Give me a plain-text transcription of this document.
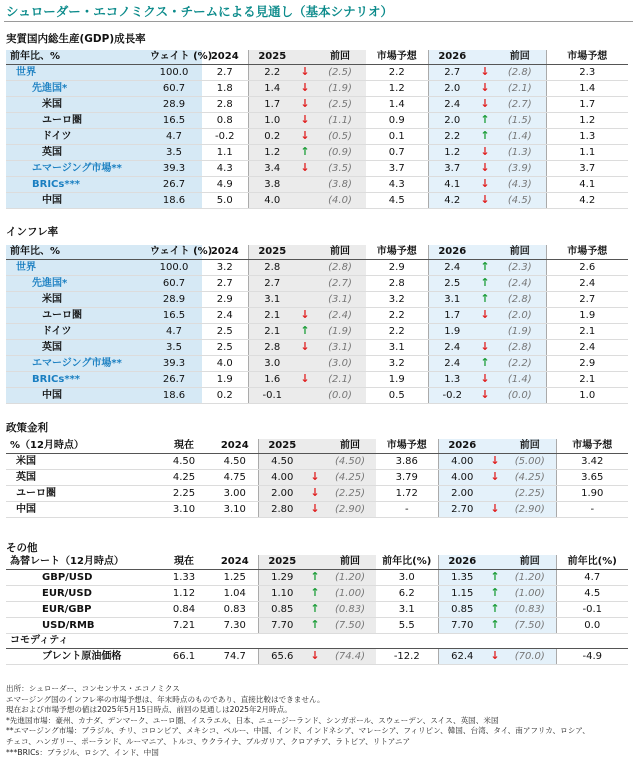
シュローダー・エコノミクス・チームによる見通し（基本シナリオ）
実質国内総生産(GDP)成長率
前年比、%	ウェイト (%)	2024	2025		前回	市場予想	2026		前回	市場予想
世界	100.0	2.7	2.2	↓	(2.5)	2.2	2.7	↓	(2.8)	2.3
先進国*	60.7	1.8	1.4	↓	(1.9)	1.2	2.0	↓	(2.1)	1.4
米国	28.9	2.8	1.7	↓	(2.5)	1.4	2.4	↓	(2.7)	1.7
ユーロ圏	16.5	0.8	1.0	↓	(1.1)	0.9	2.0	↑	(1.5)	1.2
ドイツ	4.7	-0.2	0.2	↓	(0.5)	0.1	2.2	↑	(1.4)	1.3
英国	3.5	1.1	1.2	↑	(0.9)	0.7	1.2	↓	(1.3)	1.1
エマージング市場**	39.3	4.3	3.4	↓	(3.5)	3.7	3.7	↓	(3.9)	3.7
BRICs***	26.7	4.9	3.8		(3.8)	4.3	4.1	↓	(4.3)	4.1
中国	18.6	5.0	4.0		(4.0)	4.5	4.2	↓	(4.5)	4.2
インフレ率
前年比、%	ウェイト (%)	2024	2025		前回	市場予想	2026		前回	市場予想
世界	100.0	3.2	2.8		(2.8)	2.9	2.4	↑	(2.3)	2.6
先進国*	60.7	2.7	2.7		(2.7)	2.8	2.5	↑	(2.4)	2.4
米国	28.9	2.9	3.1		(3.1)	3.2	3.1	↑	(2.8)	2.7
ユーロ圏	16.5	2.4	2.1	↓	(2.4)	2.2	1.7	↓	(2.0)	1.9
ドイツ	4.7	2.5	2.1	↑	(1.9)	2.2	1.9		(1.9)	2.1
英国	3.5	2.5	2.8	↓	(3.1)	3.1	2.4	↓	(2.8)	2.4
エマージング市場**	39.3	4.0	3.0		(3.0)	3.2	2.4	↑	(2.2)	2.9
BRICs***	26.7	1.9	1.6	↓	(2.1)	1.9	1.3	↓	(1.4)	2.1
中国	18.6	0.2	-0.1		(0.0)	0.5	-0.2	↓	(0.0)	1.0
政策金利
%（12月時点）	現在	2024	2025		前回	市場予想	2026		前回	市場予想
米国	4.50	4.50	4.50		(4.50)	3.86	4.00	↓	(5.00)	3.42
英国	4.25	4.75	4.00	↓	(4.25)	3.79	4.00	↓	(4.25)	3.65
ユーロ圏	2.25	3.00	2.00	↓	(2.25)	1.72	2.00		(2.25)	1.90
中国	3.10	3.10	2.80	↓	(2.90)	-	2.70	↓	(2.90)	-
その他
為替レート（12月時点）	現在	2024	2025		前回	前年比(%)	2026		前回	前年比(%)
GBP/USD	1.33	1.25	1.29	↑	(1.20)	3.0	1.35	↑	(1.20)	4.7
EUR/USD	1.12	1.04	1.10	↑	(1.00)	6.2	1.15	↑	(1.00)	4.5
EUR/GBP	0.84	0.83	0.85	↑	(0.83)	3.1	0.85	↑	(0.83)	-0.1
USD/RMB	7.21	7.30	7.70	↑	(7.50)	5.5	7.70	↑	(7.50)	0.0
コモディティ										
ブレント原油価格	66.1	74.7	65.6	↓	(74.4)	-12.2	62.4	↓	(70.0)	-4.9
出所：シュローダー、コンセンサス・エコノミクス
エマージング国のインフレ率の市場予想は、年末時点のものであり、直接比較はできません。
現在および市場予想の値は2025年5月15日時点、前回の見通しは2025年2月時点。
*先進国市場：豪州、カナダ、デンマーク、ユーロ圏、イスラエル、日本、ニュージーランド、シンガポール、スウェーデン、スイス、英国、米国
**エマージング市場：ブラジル、チリ、コロンビア、メキシコ、ペルー、中国、インド、インドネシア、マレーシア、フィリピン、韓国、台湾、タイ、南アフリカ、ロシア、
チェコ、ハンガリー、ポーランド、ルーマニア、トルコ、ウクライナ、ブルガリア、クロアチア、ラトビア、リトアニア
***BRICs：ブラジル、ロシア、インド、中国
